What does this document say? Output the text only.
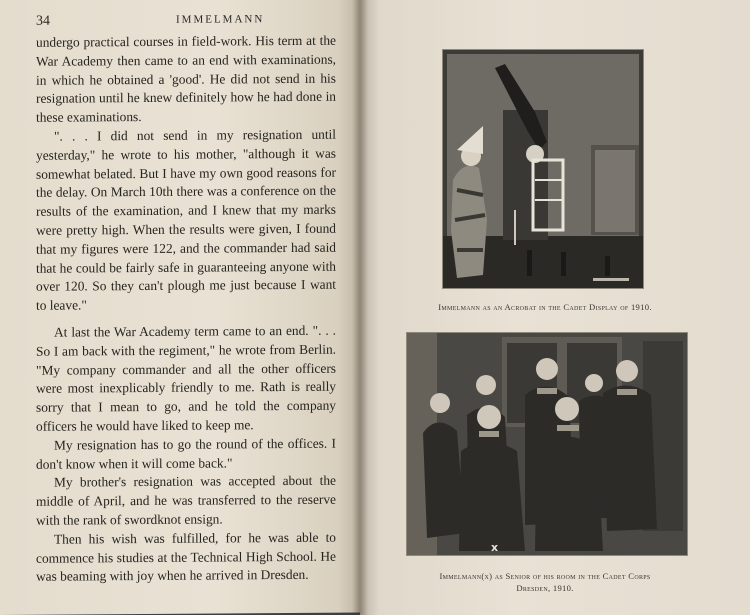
34	IMMELMANN

undergo practical courses in field-work. His term at the War Academy then came to an end with examinations, in which he obtained a 'good'. He did not send in his resignation until he knew definitely how he had done in these examinations.

". . . I did not send in my resignation until yesterday," he wrote to his mother, "although it was somewhat belated. But I have my own good reasons for the delay. On March 10th there was a conference on the results of the examination, and I knew that my marks were pretty high. When the results were given, I found that my figures were 122, and the commander had said that he could be fairly safe in guaranteeing anyone with over 120. So they can't plough me just because I want to leave."

At last the War Academy term came to an end. ". . . So I am back with the regiment," he wrote from Berlin. "My company commander and all the other officers were most inexplicably friendly to me. Rath is really sorry that I mean to go, and he told the company officers he would have liked to keep me.

My resignation has to go the round of the offices. I don't know when it will come back."

My brother's resignation was accepted about the middle of April, and he was transferred to the reserve with the rank of swordknot ensign.

Then his wish was fulfilled, for he was able to commence his studies at the Technical High School. He was beaming with joy when he arrived in Dresden.

Immelmann as an Acrobat in the Cadet Display of 1910.
x
Immelmann(x) as Senior of his room in the Cadet Corps
Dresden, 1910.
